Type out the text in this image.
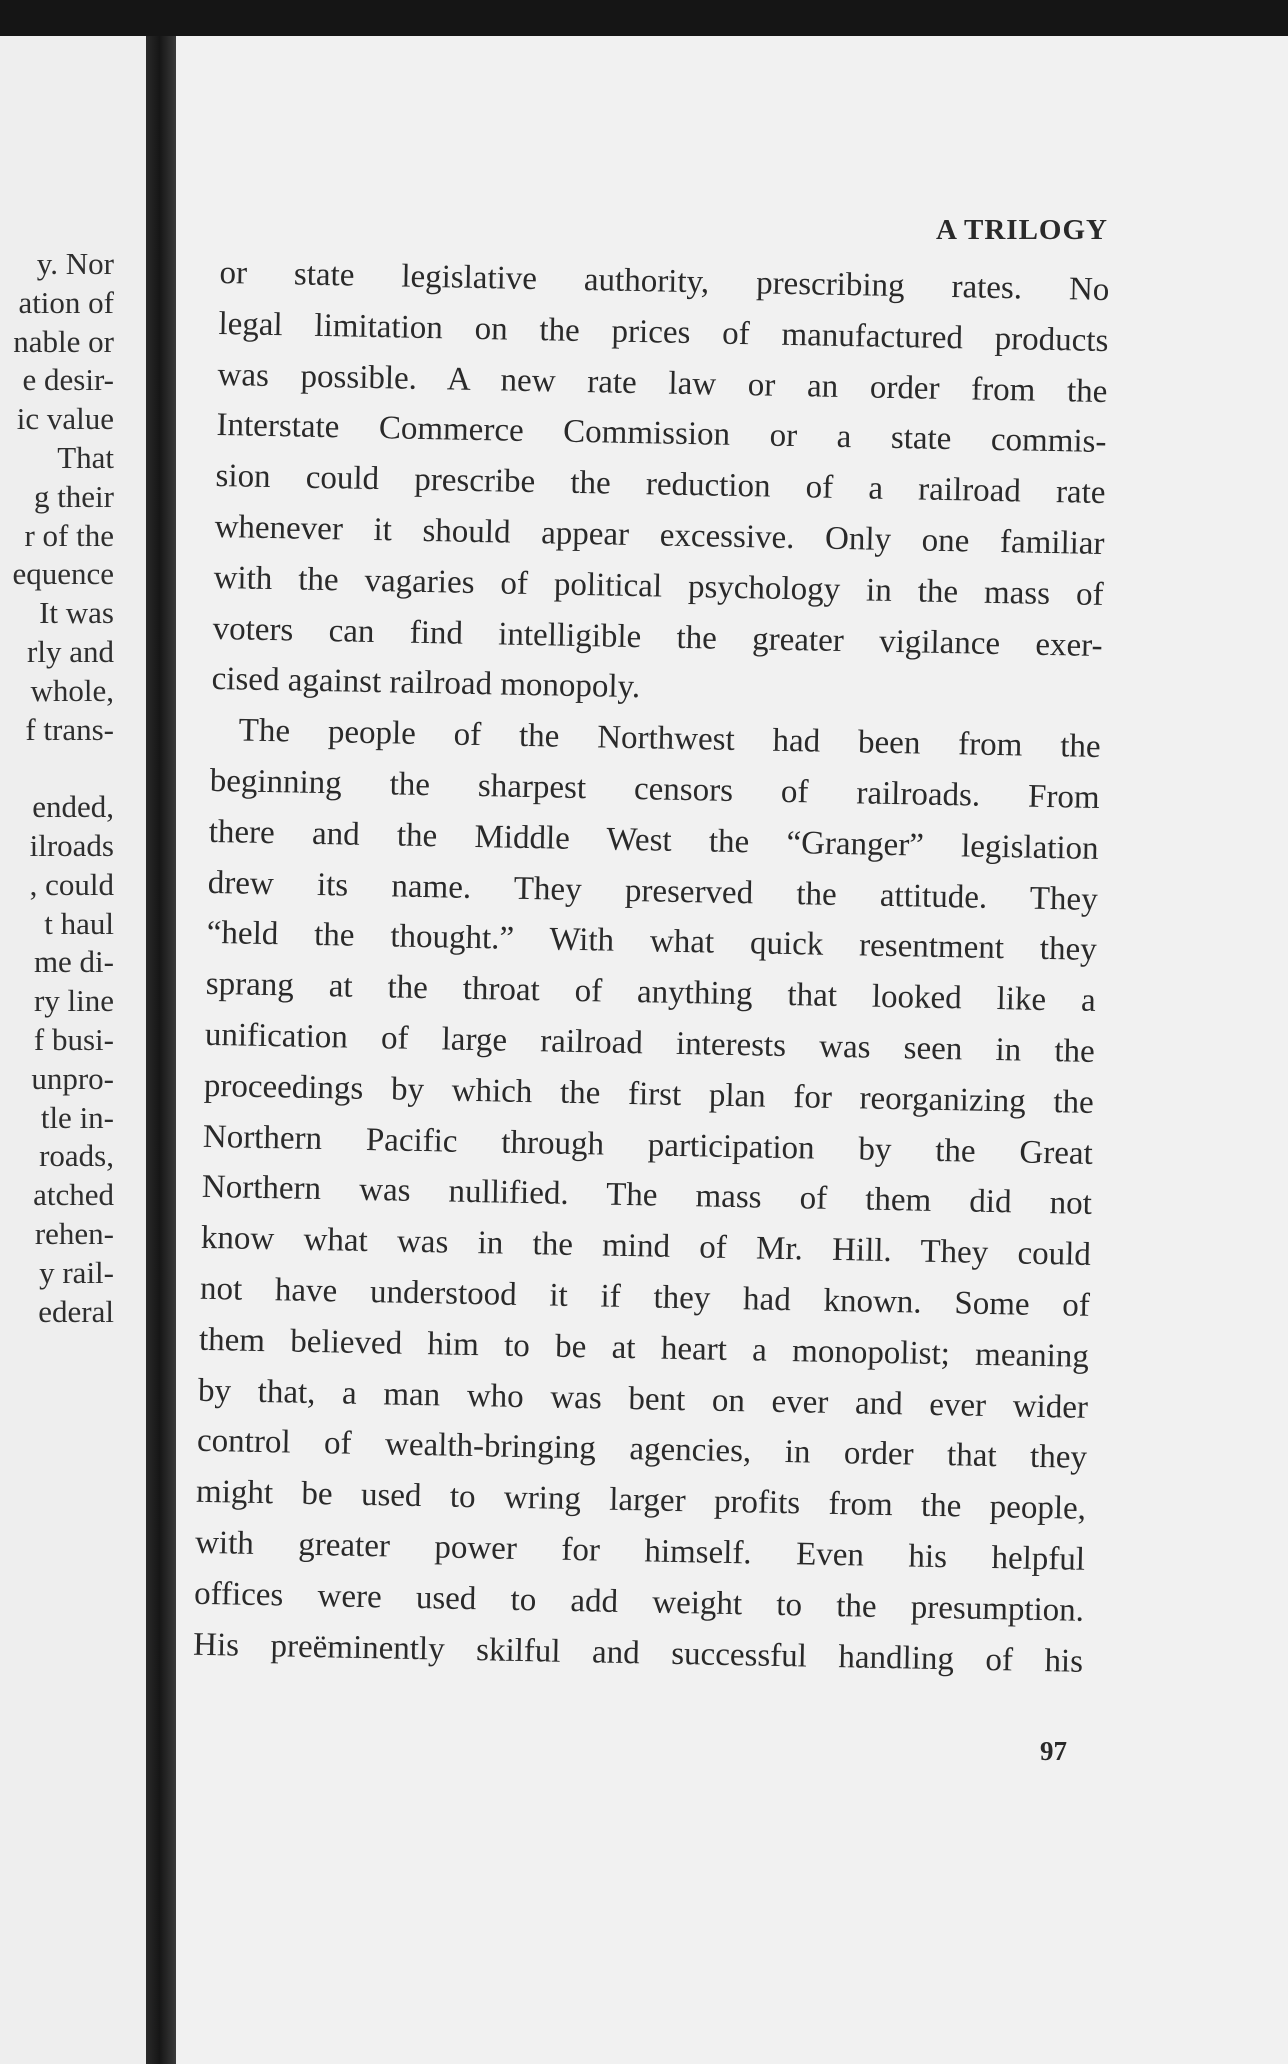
y. Nor
ation of
nable or
e desir-
ic value
That
g their
r of the
equence
It was
rly and
whole,
f trans-
ended,
ilroads
, could
t haul
me di-
ry line
f busi-
unpro-
tle in-
roads,
atched
rehen-
y rail-
ederal
A TRILOGY
or state legislative authority, prescribing rates. No
legal limitation on the prices of manufactured products
was possible. A new rate law or an order from the
Interstate Commerce Commission or a state commis-
sion could prescribe the reduction of a railroad rate
whenever it should appear excessive. Only one familiar
with the vagaries of political psychology in the mass of
voters can find intelligible the greater vigilance exer-
cised against railroad monopoly.
The people of the Northwest had been from the
beginning the sharpest censors of railroads. From
there and the Middle West the “Granger” legislation
drew its name. They preserved the attitude. They
“held the thought.” With what quick resentment they
sprang at the throat of anything that looked like a
unification of large railroad interests was seen in the
proceedings by which the first plan for reorganizing the
Northern Pacific through participation by the Great
Northern was nullified. The mass of them did not
know what was in the mind of Mr. Hill. They could
not have understood it if they had known. Some of
them believed him to be at heart a monopolist; meaning
by that, a man who was bent on ever and ever wider
control of wealth-bringing agencies, in order that they
might be used to wring larger profits from the people,
with greater power for himself. Even his helpful
offices were used to add weight to the presumption.
His preëminently skilful and successful handling of his
97
